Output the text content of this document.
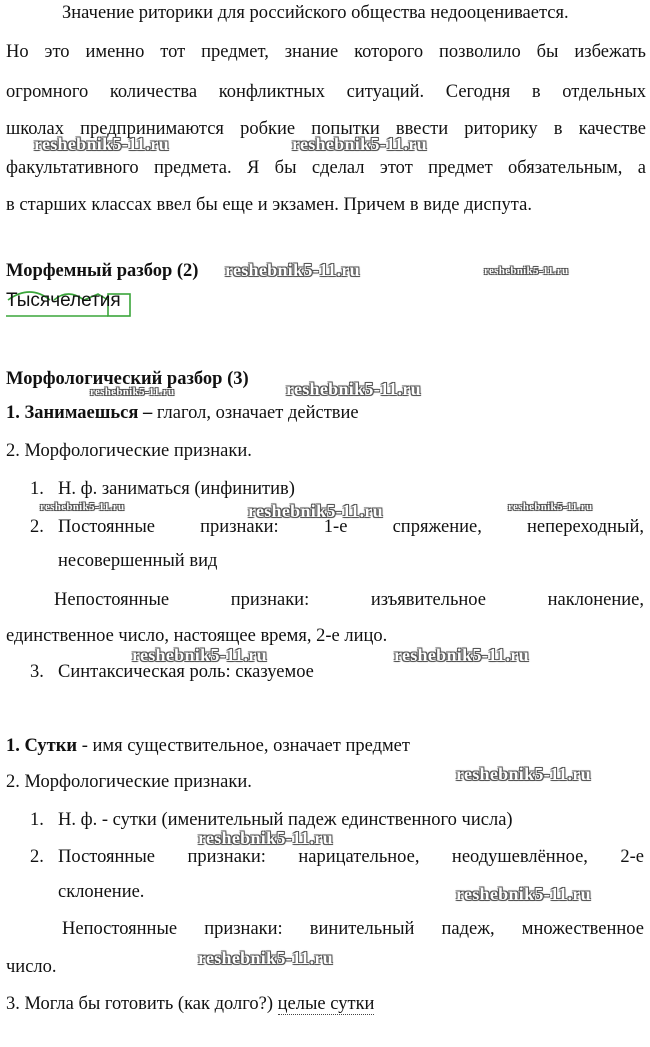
Значение риторики для российского общества недооценивается.
Но это именно тот предмет, знание которого позволило бы избежать
огромного количества конфликтных ситуаций. Сегодня в отдельных
школах предпринимаются робкие попытки ввести риторику в качестве
факультативного предмета. Я бы сделал этот предмет обязательным, а
в старших классах ввел бы еще и экзамен. Причем в виде диспута.
Морфемный разбор (2)
Тысячелетия
Морфологический разбор (3)
1. Занимаешься – глагол, означает действие
2. Морфологические признаки.
1. Н. ф. заниматься (инфинитив)
2. Постоянные признаки: 1-е спряжение, непереходный,
несовершенный вид
Непостоянные	признаки:	изъявительное	наклонение,
единственное число, настоящее время, 2-е лицо.
3. Синтаксическая роль: сказуемое
1. Сутки - имя существительное, означает предмет
2. Морфологические признаки.
1. Н. ф. - сутки (именительный падеж единственного числа)
2. Постоянные признаки: нарицательное, неодушевлённое, 2-е
склонение.
Непостоянные признаки: винительный падеж, множественное
число.
3. Могла бы готовить (как долго?) целые сутки
reshebnik5-11.ru	reshebnik5-11.ru
reshebnik5-11.ru	reshebnik5-11.ru
reshebnik5-11.ru	reshebnik5-11.ru
reshebnik5-11.ru	reshebnik5-11.ru	reshebnik5-11.ru
reshebnik5-11.ru	reshebnik5-11.ru
reshebnik5-11.ru
reshebnik5-11.ru
reshebnik5-11.ru
reshebnik5-11.ru
